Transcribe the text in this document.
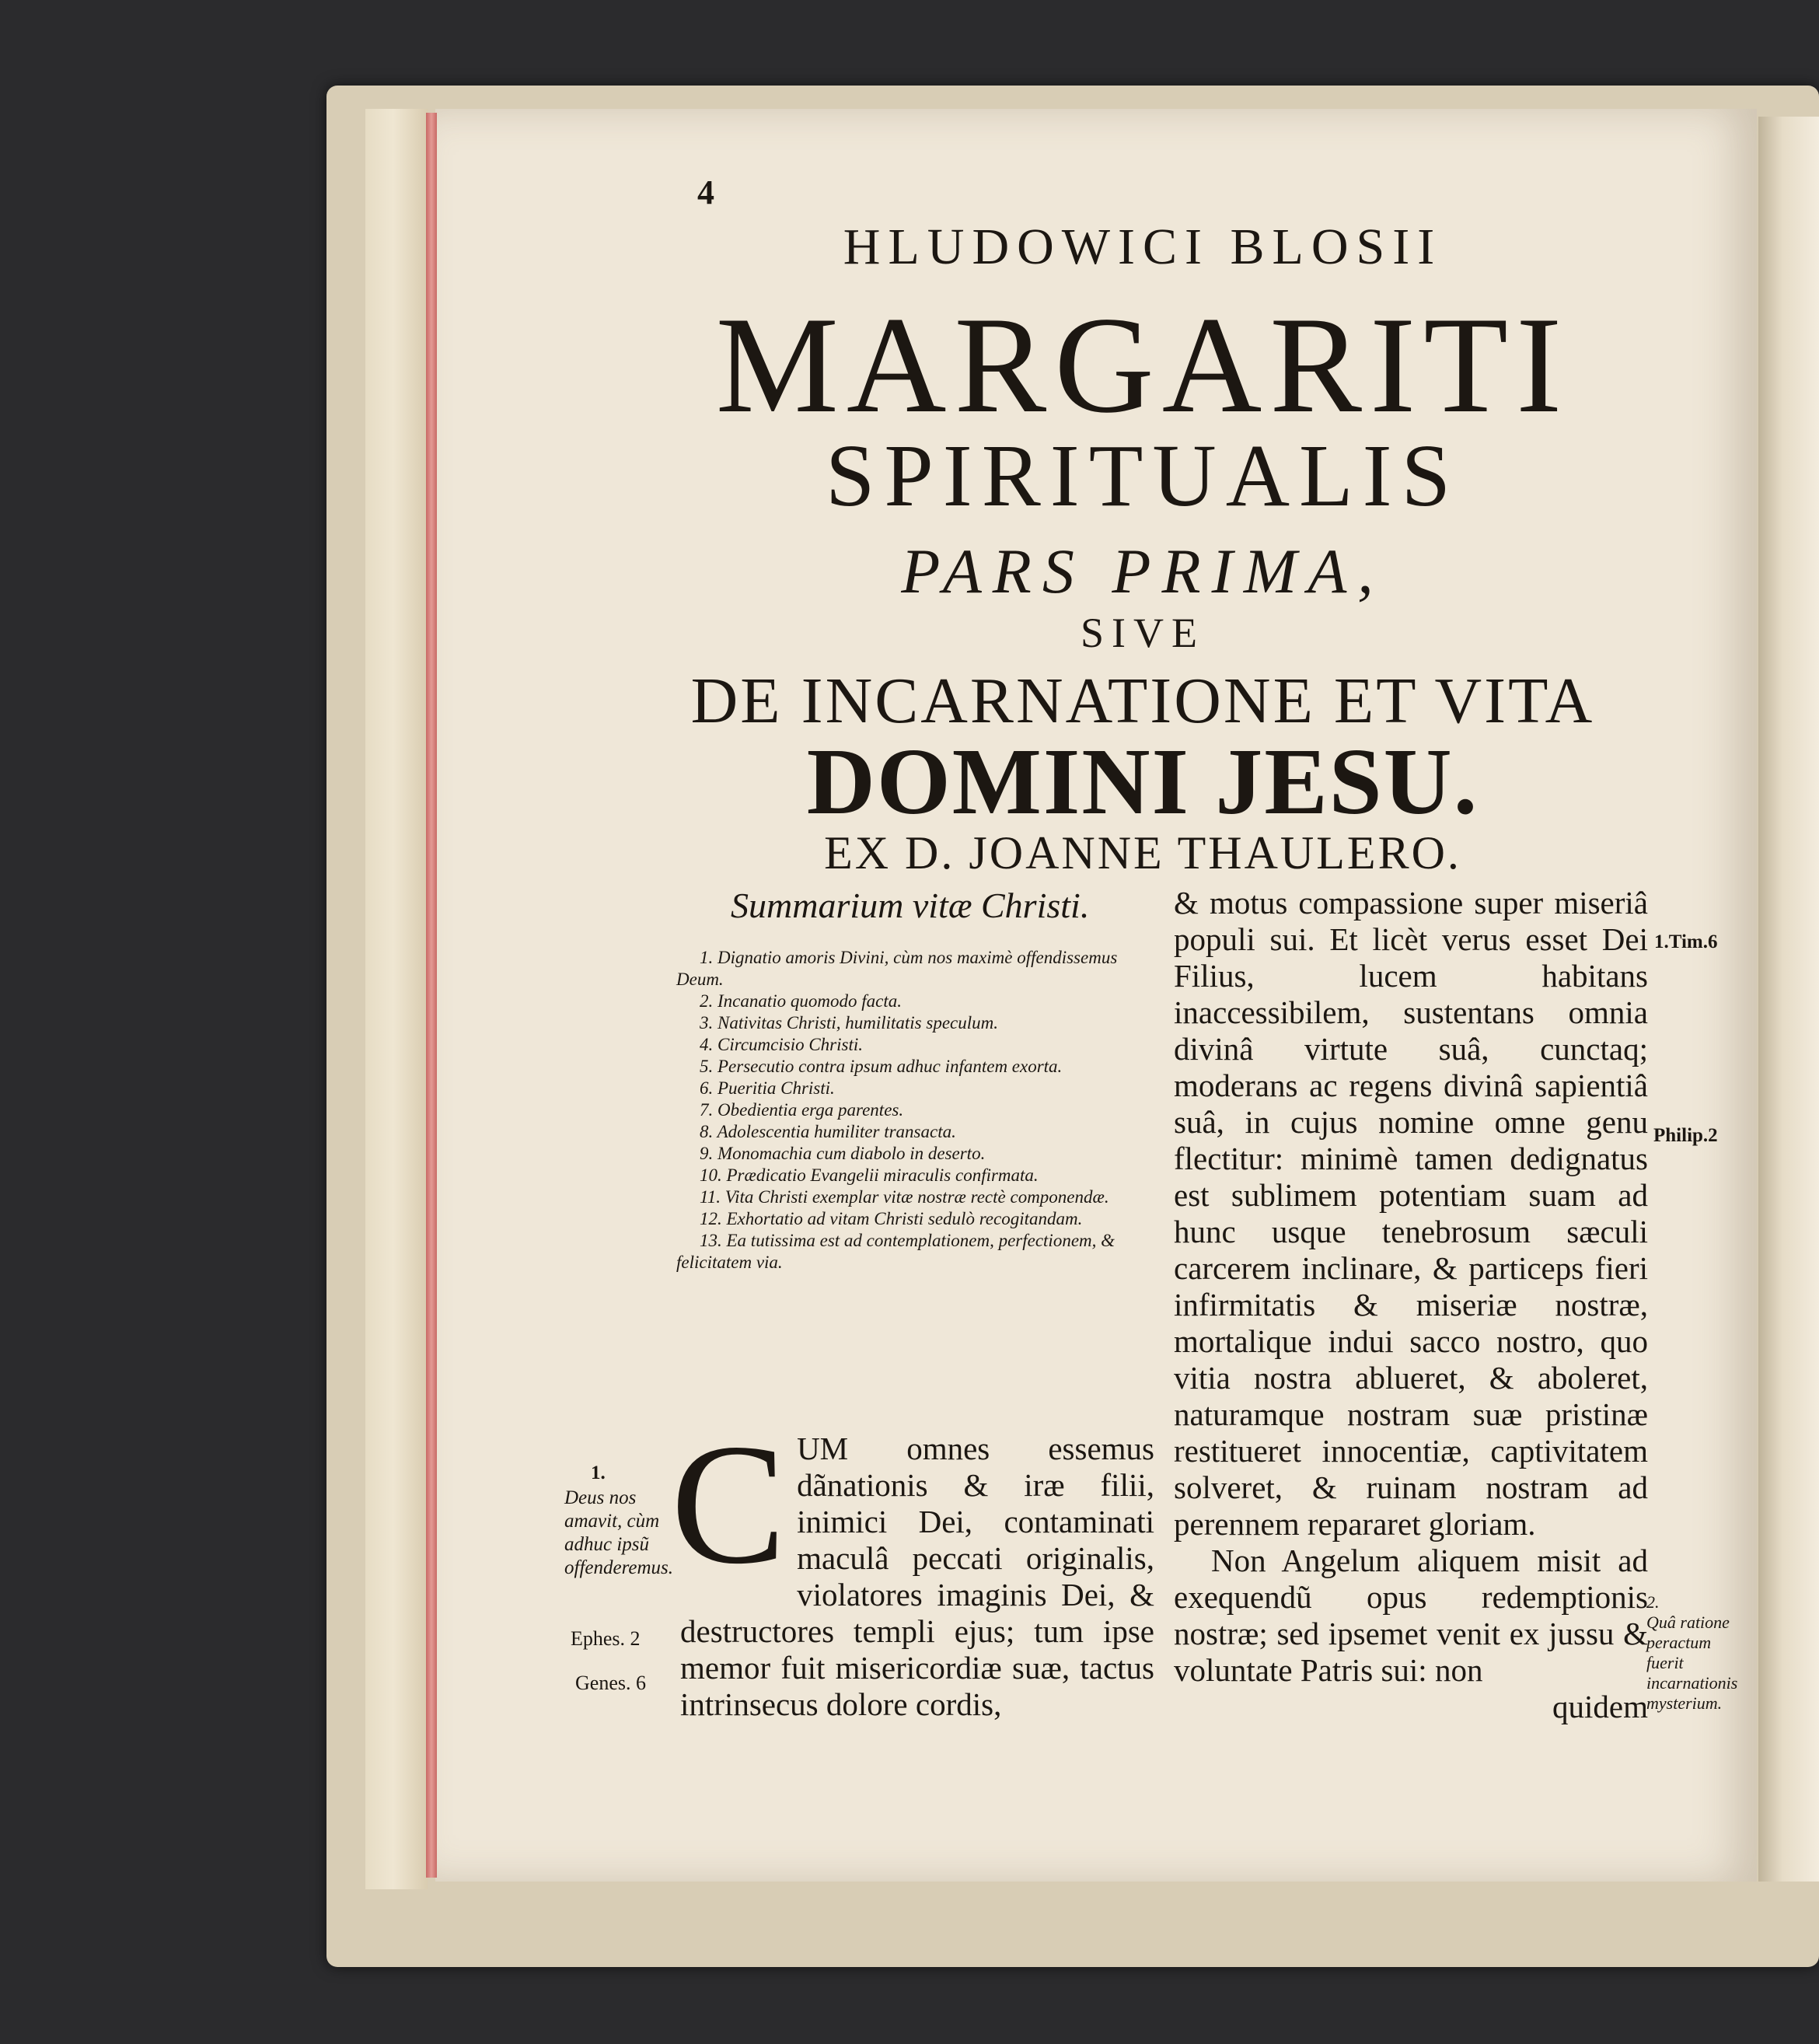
4
HLUDOWICI BLOSII
MARGARITI
SPIRITUALIS
PARS PRIMA,
SIVE
DE INCARNATIONE ET VITA
DOMINI JESU.
EX D. JOANNE THAULERO.
Summarium vitæ Christi.
1. Dignatio amoris Divini, cùm nos maximè offendissemus Deum.
2. Incanatio quomodo facta.
3. Nativitas Christi, humilitatis speculum.
4. Circumcisio Christi.
5. Persecutio contra ipsum adhuc infantem exorta.
6. Pueritia Christi.
7. Obedientia erga parentes.
8. Adolescentia humiliter transacta.
9. Monomachia cum diabolo in deserto.
10. Prædicatio Evangelii miraculis confirmata.
11. Vita Christi exemplar vitæ nostræ rectè componendæ.
12. Exhortatio ad vitam Christi sedulò recogitandam.
13. Ea tutissima est ad contemplationem, perfectionem, & felicitatem via.
CUM omnes essemus dãnationis & iræ filii, inimici Dei, contaminati maculâ peccati originalis, violatores imaginis Dei, & destructores templi ejus; tum ipse memor fuit misericordiæ suæ, tactus intrinsecus dolore cordis,

& motus compassione super miseriâ populi sui. Et licèt verus esset Dei Filius, lucem habitans inaccessibilem, sustentans omnia divinâ virtute suâ, cunctaq; moderans ac regens divinâ sapientiâ suâ, in cujus nomine omne genu flectitur: minimè tamen dedignatus est sublimem potentiam suam ad hunc usque tenebrosum sæculi carcerem inclinare, & particeps fieri infirmitatis & miseriæ nostræ, mortalique indui sacco nostro, quo vitia nostra ablueret, & aboleret, naturamque nostram suæ pristinæ restitueret innocentiæ, captivitatem solveret, & ruinam nostram ad perennem repararet gloriam.

Non Angelum aliquem misit ad exequendũ opus redemptionis nostræ; sed ipsemet venit ex jussu & voluntate Patris sui: non

quidem

1.
Deus nos amavit, cùm adhuc ipsũ offenderemus.
Ephes. 2
Genes. 6
1.Tim.6
Philip.2
2.
Quâ ratione peractum fuerit incarnationis mysterium.
